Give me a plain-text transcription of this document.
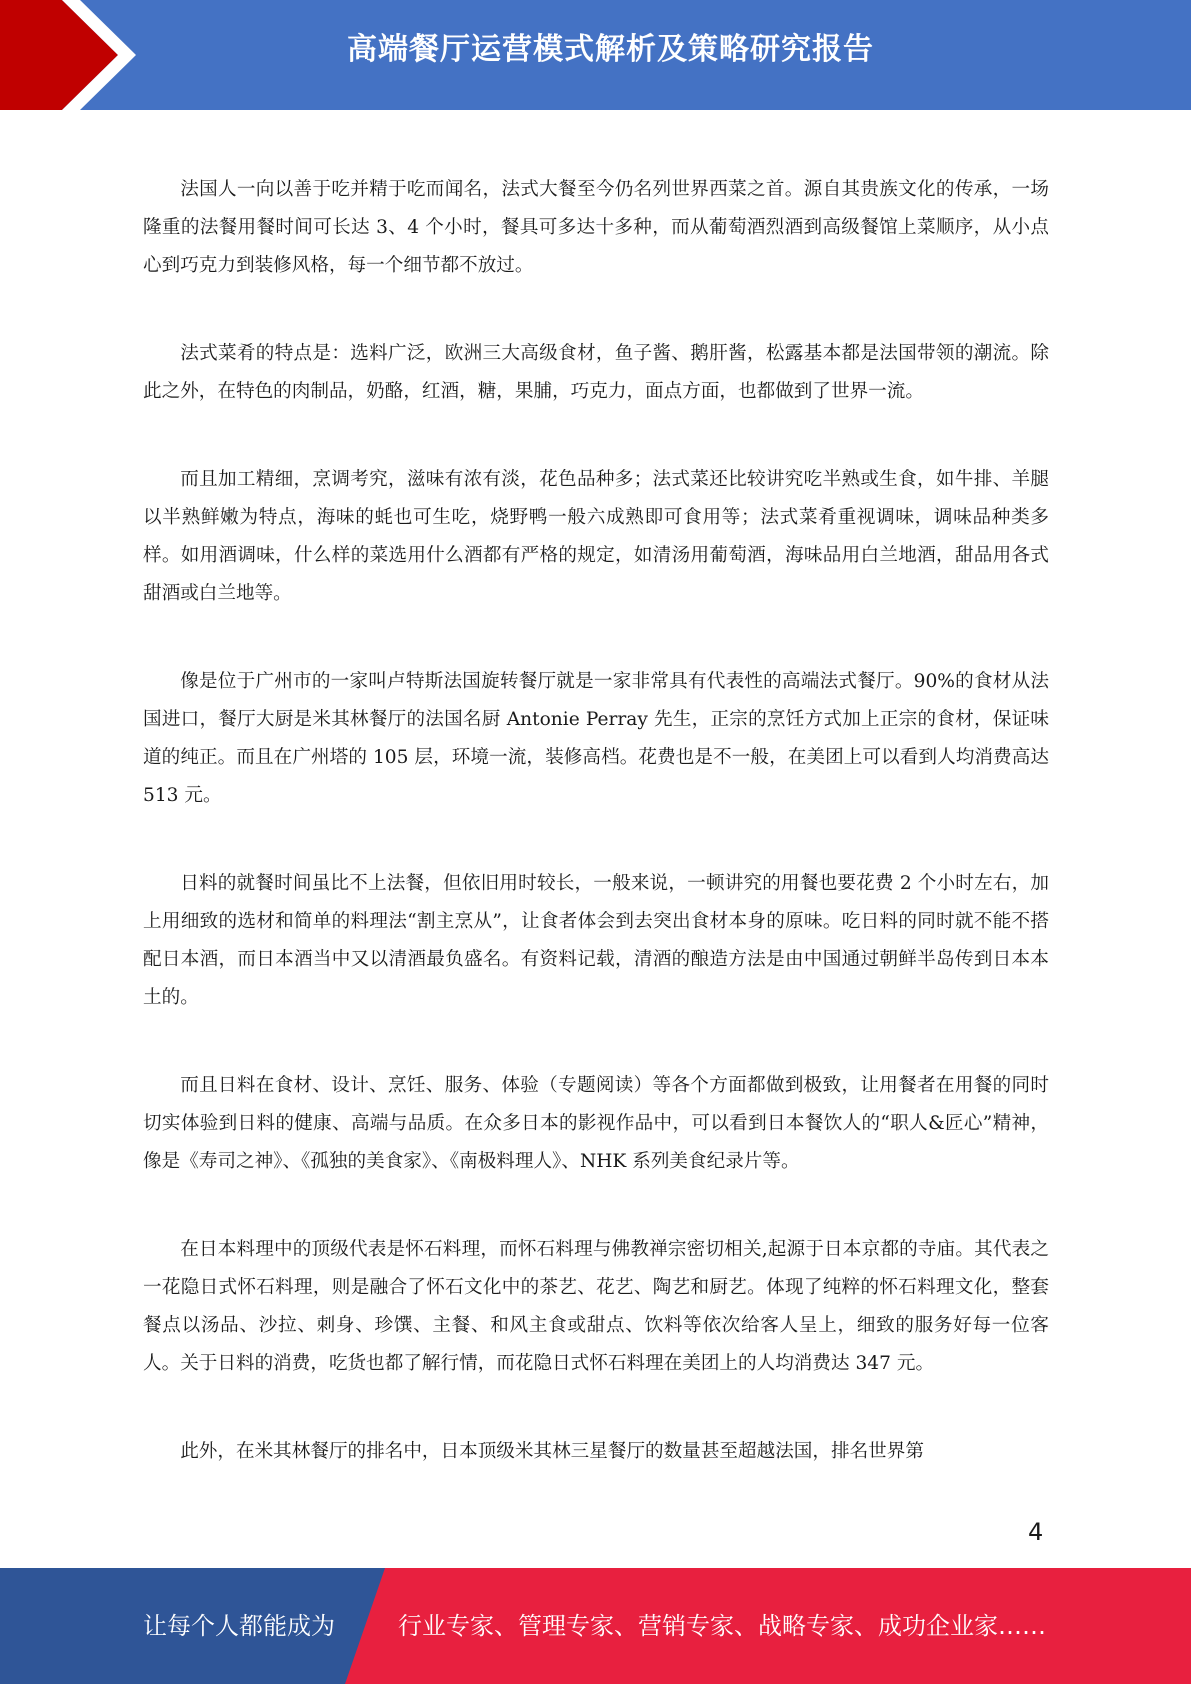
高端餐厅运营模式解析及策略研究报告

法国人一向以善于吃并精于吃而闻名，法式大餐至今仍名列世界西菜之首。源自其贵族文化的传承，一场隆重的法餐用餐时间可长达 3、4 个小时，餐具可多达十多种，而从葡萄酒烈酒到高级餐馆上菜顺序，从小点心到巧克力到装修风格，每一个细节都不放过。

法式菜肴的特点是：选料广泛，欧洲三大高级食材，鱼子酱、鹅肝酱，松露基本都是法国带领的潮流。除此之外，在特色的肉制品，奶酪，红酒，糖，果脯，巧克力，面点方面，也都做到了世界一流。

而且加工精细，烹调考究，滋味有浓有淡，花色品种多；法式菜还比较讲究吃半熟或生食，如牛排、羊腿以半熟鲜嫩为特点，海味的蚝也可生吃，烧野鸭一般六成熟即可食用等；法式菜肴重视调味，调味品种类多样。如用酒调味，什么样的菜选用什么酒都有严格的规定，如清汤用葡萄酒，海味品用白兰地酒，甜品用各式甜酒或白兰地等。

像是位于广州市的一家叫卢特斯法国旋转餐厅就是一家非常具有代表性的高端法式餐厅。90%的食材从法国进口，餐厅大厨是米其林餐厅的法国名厨 Antonie Perray 先生，正宗的烹饪方式加上正宗的食材，保证味道的纯正。而且在广州塔的 105 层，环境一流，装修高档。花费也是不一般，在美团上可以看到人均消费高达 513 元。

日料的就餐时间虽比不上法餐，但依旧用时较长，一般来说，一顿讲究的用餐也要花费 2 个小时左右，加上用细致的选材和简单的料理法“割主烹从”，让食者体会到去突出食材本身的原味。吃日料的同时就不能不搭配日本酒，而日本酒当中又以清酒最负盛名。有资料记载，清酒的酿造方法是由中国通过朝鲜半岛传到日本本土的。

而且日料在食材、设计、烹饪、服务、体验（专题阅读）等各个方面都做到极致，让用餐者在用餐的同时切实体验到日料的健康、高端与品质。在众多日本的影视作品中，可以看到日本餐饮人的“职人&匠心”精神，像是《寿司之神》、《孤独的美食家》、《南极料理人》、NHK 系列美食纪录片等。

在日本料理中的顶级代表是怀石料理，而怀石料理与佛教禅宗密切相关,起源于日本京都的寺庙。其代表之一花隐日式怀石料理，则是融合了怀石文化中的茶艺、花艺、陶艺和厨艺。体现了纯粹的怀石料理文化，整套餐点以汤品、沙拉、刺身、珍馔、主餐、和风主食或甜点、饮料等依次给客人呈上，细致的服务好每一位客人。关于日料的消费，吃货也都了解行情，而花隐日式怀石料理在美团上的人均消费达 347 元。

此外，在米其林餐厅的排名中，日本顶级米其林三星餐厅的数量甚至超越法国，排名世界第

4
让每个人都能成为	行业专家、管理专家、营销专家、战略专家、成功企业家……
